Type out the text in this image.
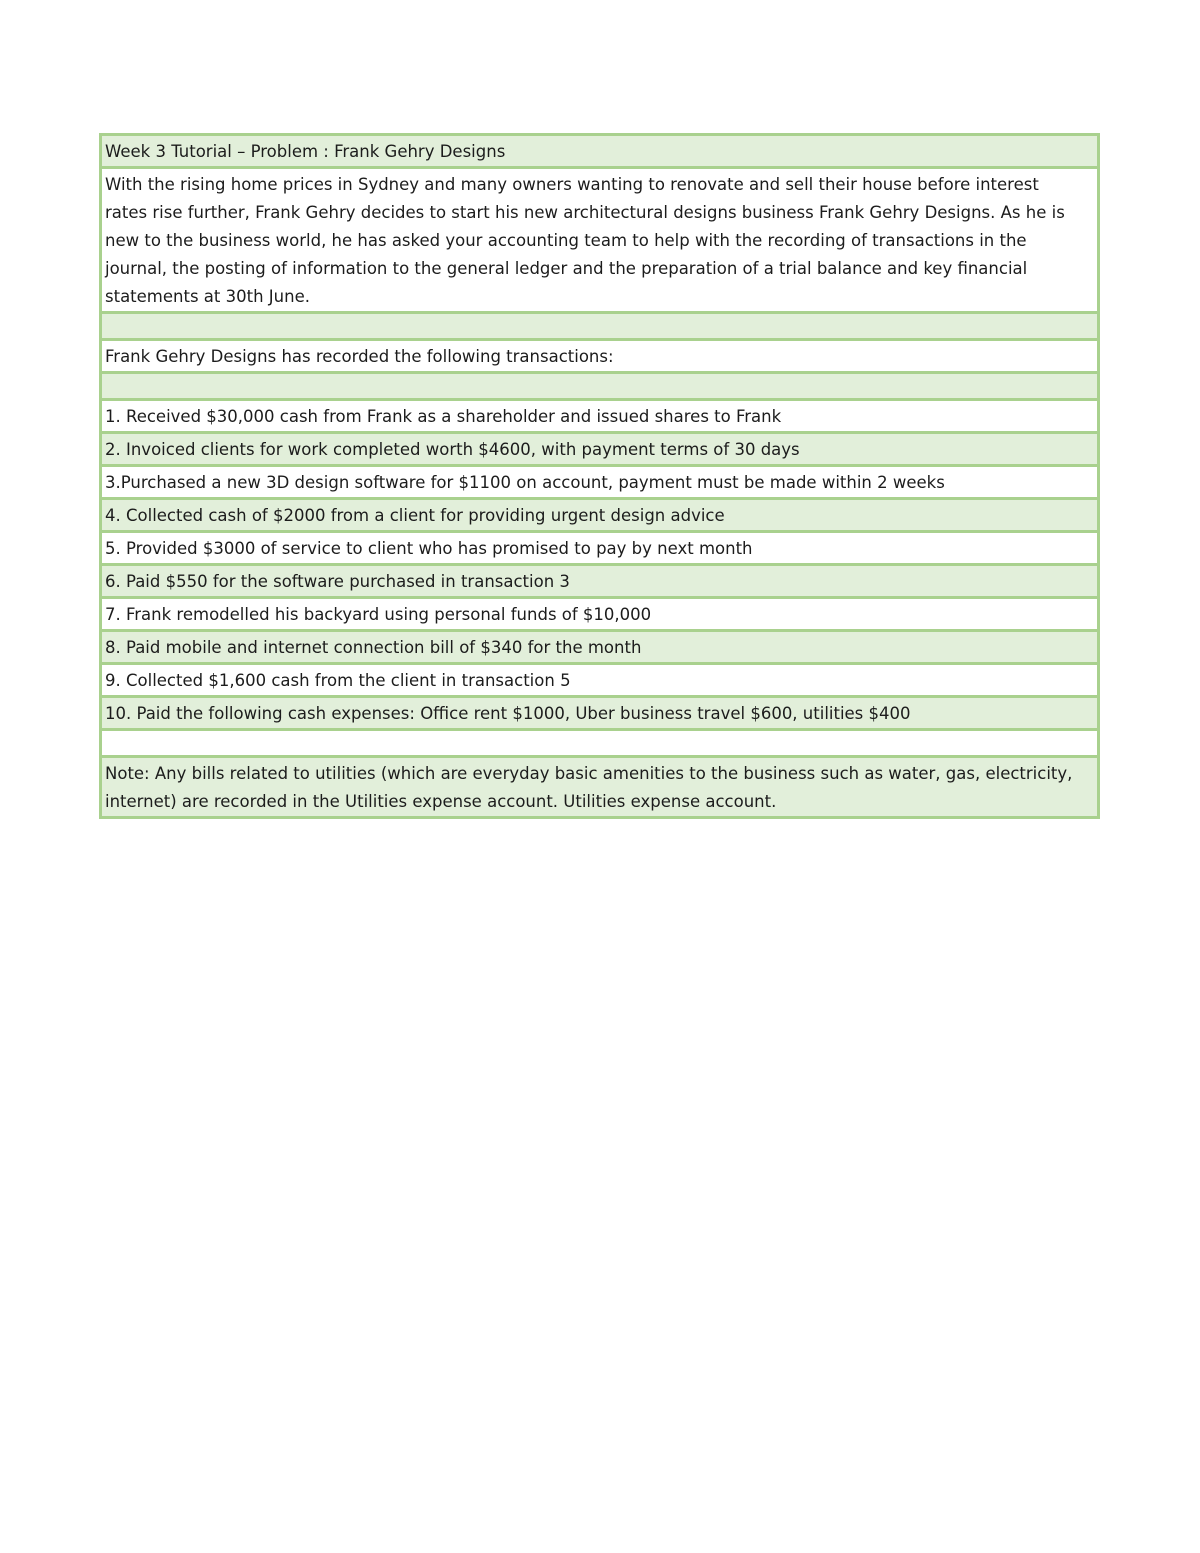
Week 3 Tutorial – Problem : Frank Gehry Designs

With the rising home prices in Sydney and many owners wanting to renovate and sell their house before interest
rates rise further, Frank Gehry decides to start his new architectural designs business Frank Gehry Designs. As he is
new to the business world, he has asked your accounting team to help with the recording of transactions in the
journal, the posting of information to the general ledger and the preparation of a trial balance and key financial
statements at 30th June.

Frank Gehry Designs has recorded the following transactions:

1. Received $30,000 cash from Frank as a shareholder and issued shares to Frank
2. Invoiced clients for work completed worth $4600, with payment terms of 30 days
3.Purchased a new 3D design software for $1100 on account, payment must be made within 2 weeks
4. Collected cash of $2000 from a client for providing urgent design advice
5. Provided $3000 of service to client who has promised to pay by next month
6. Paid $550 for the software purchased in transaction 3
7. Frank remodelled his backyard using personal funds of $10,000
8. Paid mobile and internet connection bill of $340 for the month
9. Collected $1,600 cash from the client in transaction 5
10. Paid the following cash expenses: Office rent $1000, Uber business travel $600, utilities $400

Note: Any bills related to utilities (which are everyday basic amenities to the business such as water, gas, electricity,
internet) are recorded in the Utilities expense account. Utilities expense account.
